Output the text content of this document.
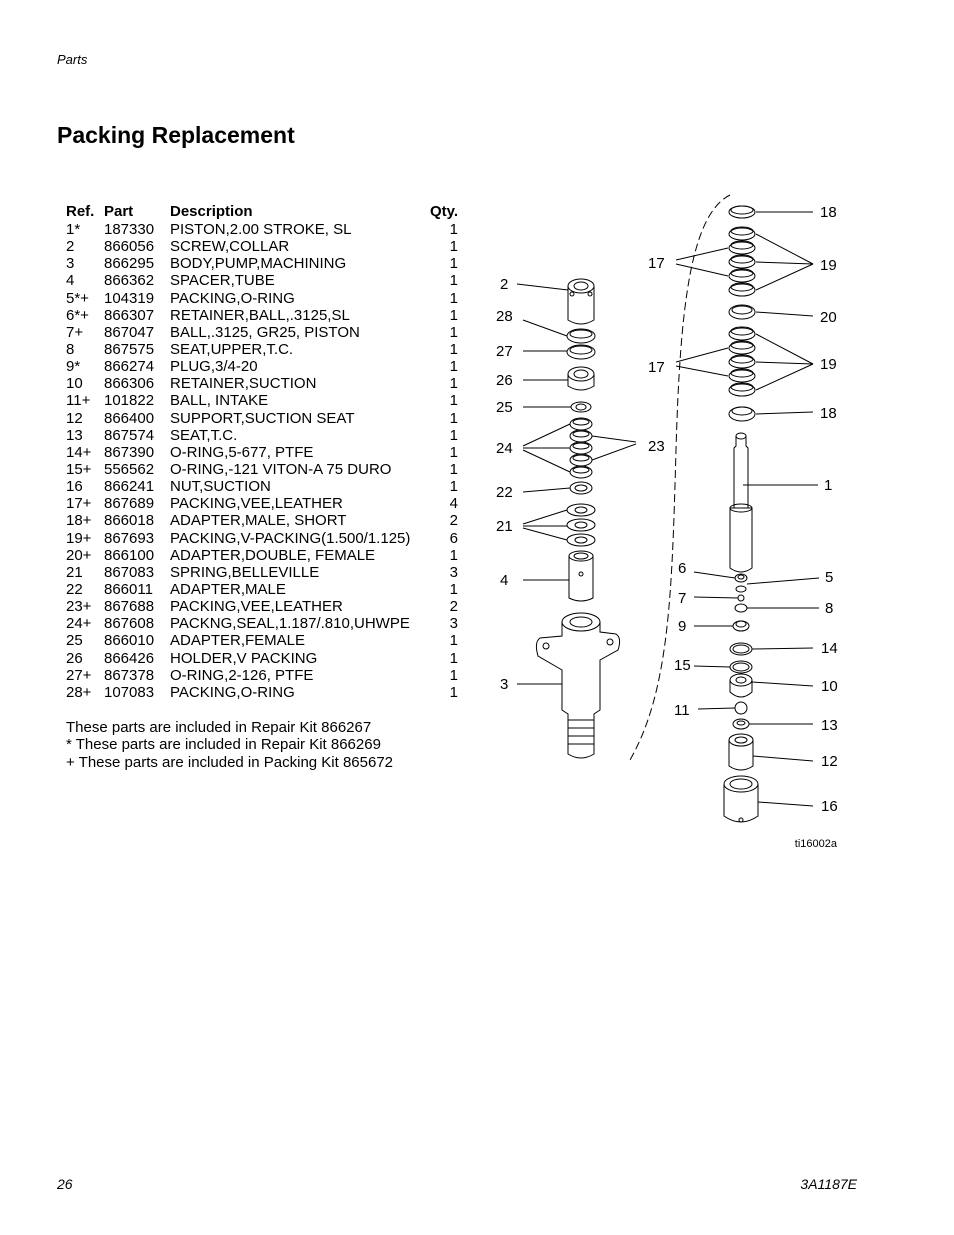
Parts
Packing Replacement
Ref.	Part	Description	Qty.
1*	187330	PISTON,2.00 STROKE, SL	1
2	866056	SCREW,COLLAR	1
3	866295	BODY,PUMP,MACHINING	1
4	866362	SPACER,TUBE	1
5*+	104319	PACKING,O-RING	1
6*+	866307	RETAINER,BALL,.3125,SL	1
7+	867047	BALL,.3125, GR25, PISTON	1
8	867575	SEAT,UPPER,T.C.	1
9*	866274	PLUG,3/4-20	1
10	866306	RETAINER,SUCTION	1
11+	101822	BALL, INTAKE	1
12	866400	SUPPORT,SUCTION SEAT	1
13	867574	SEAT,T.C.	1
14+	867390	O-RING,5-677, PTFE	1
15+	556562	O-RING,-121 VITON-A 75 DURO	1
16	866241	NUT,SUCTION	1
17+	867689	PACKING,VEE,LEATHER	4
18+	866018	ADAPTER,MALE, SHORT	2
19+	867693	PACKING,V-PACKING(1.500/1.125)	6
20+	866100	ADAPTER,DOUBLE, FEMALE	1
21	867083	SPRING,BELLEVILLE	3
22	866011	ADAPTER,MALE	1
23+	867688	PACKING,VEE,LEATHER	2
24+	867608	PACKNG,SEAL,1.187/.810,UHWPE	3
25	866010	ADAPTER,FEMALE	1
26	866426	HOLDER,V PACKING	1
27+	867378	O-RING,2-126, PTFE	1
28+	107083	PACKING,O-RING	1
These parts are included in Repair Kit 866267
* These parts are included in Repair Kit 866269
+ These parts are included in Packing Kit 865672
18
19
17
20
19
17
18
2
28
27
26
25
24	23
22
21
1
4
6
5
7
8
9
14
15
10
3
11
13
12
16
ti16002a
26	3A1187E
